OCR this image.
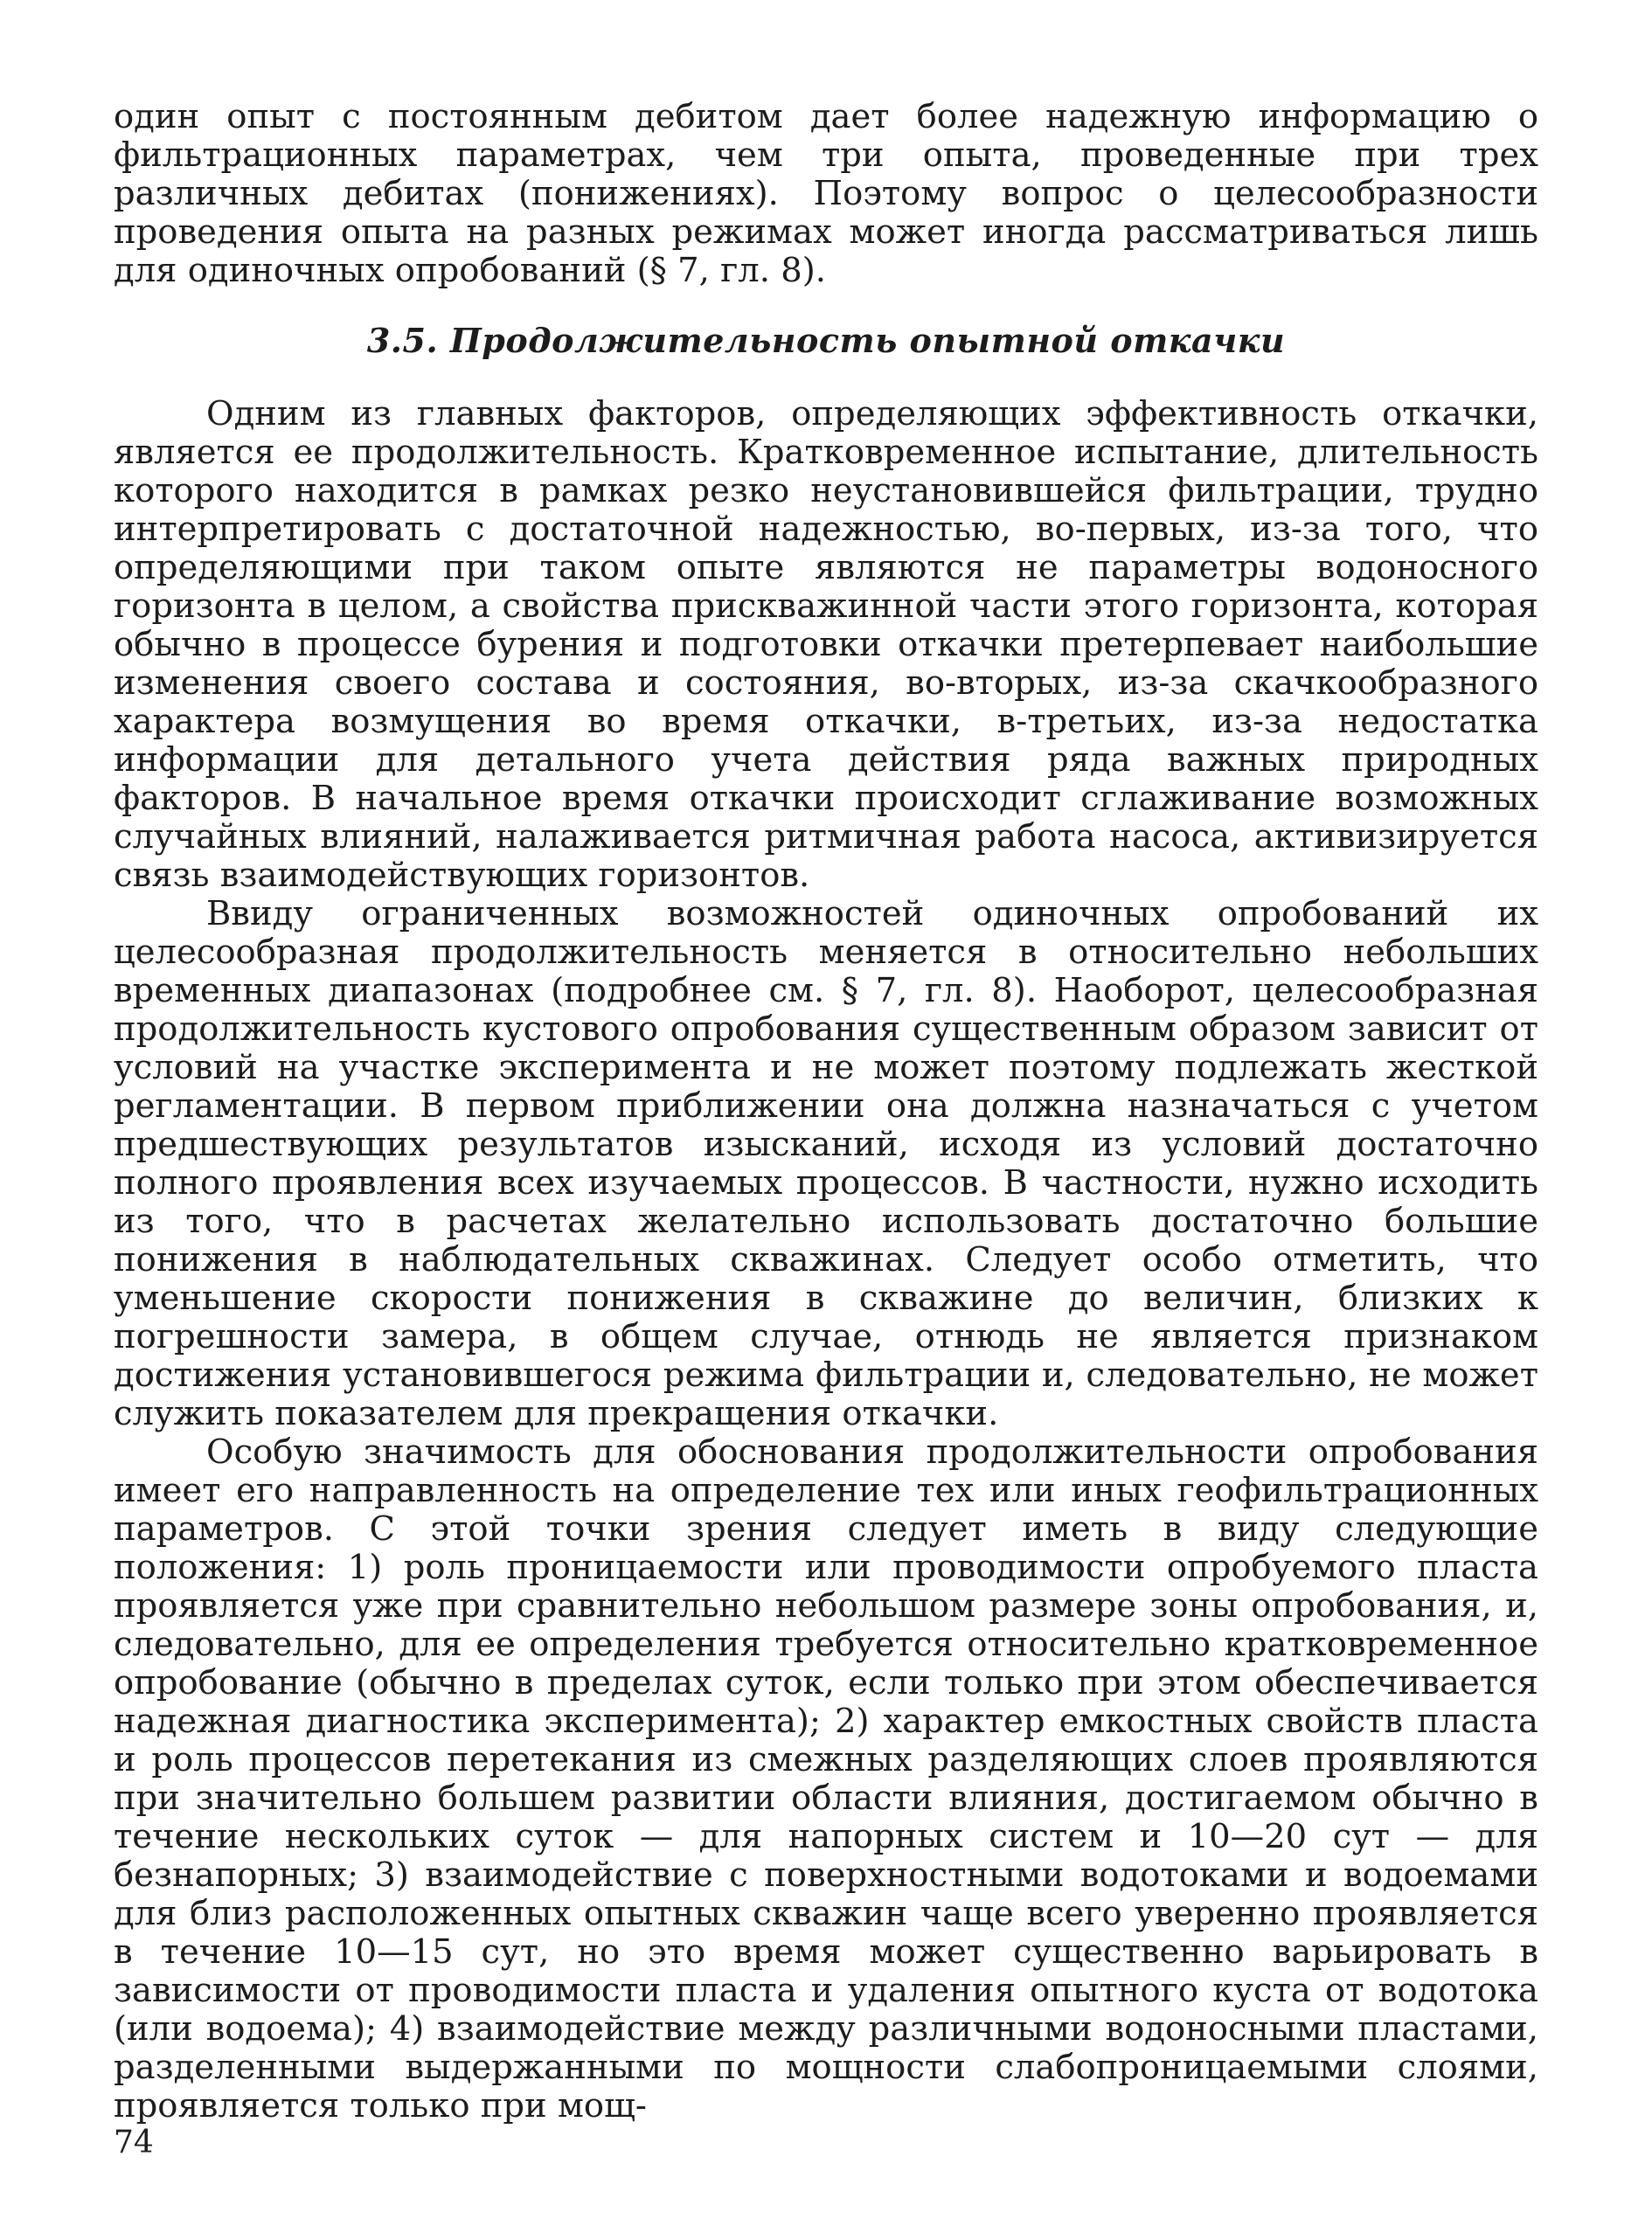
один опыт с постоянным дебитом дает более надежную информацию о фильтрационных параметрах, чем три опыта, проведенные при трех различных дебитах (понижениях). Поэтому вопрос о целесообразности проведения опыта на разных режимах может иногда рассматриваться лишь для одиночных опробований (§ 7, гл. 8).

3.5. Продолжительность опытной откачки

Одним из главных факторов, определяющих эффективность откачки, является ее продолжительность. Кратковременное испытание, длительность которого находится в рамках резко неустановившейся фильтрации, трудно интерпретировать с достаточной надежностью, во-первых, из-за того, что определяющими при таком опыте являются не параметры водоносного горизонта в целом, а свойства прискважинной части этого горизонта, которая обычно в процессе бурения и подготовки откачки претерпевает наибольшие изменения своего состава и состояния, во-вторых, из-за скачкообразного характера возмущения во время откачки, в-третьих, из-за недостатка информации для детального учета действия ряда важных природных факторов. В начальное время откачки происходит сглаживание возможных случайных влияний, налаживается ритмичная работа насоса, активизируется связь взаимодействующих горизонтов.

Ввиду ограниченных возможностей одиночных опробований их целесообразная продолжительность меняется в относительно небольших временных диапазонах (подробнее см. § 7, гл. 8). Наоборот, целесообразная продолжительность кустового опробования существенным образом зависит от условий на участке эксперимента и не может поэтому подлежать жесткой регламентации. В первом приближении она должна назначаться с учетом предшествующих результатов изысканий, исходя из условий достаточно полного проявления всех изучаемых процессов. В частности, нужно исходить из того, что в расчетах желательно использовать достаточно большие понижения в наблюдательных скважинах. Следует особо отметить, что уменьшение скорости понижения в скважине до величин, близких к погрешности замера, в общем случае, отнюдь не является признаком достижения установившегося режима фильтрации и, следовательно, не может служить показателем для прекращения откачки.

Особую значимость для обоснования продолжительности опробования имеет его направленность на определение тех или иных геофильтрационных параметров. С этой точки зрения следует иметь в виду следующие положения: 1) роль проницаемости или проводимости опробуемого пласта проявляется уже при сравнительно небольшом размере зоны опробования, и, следовательно, для ее определения требуется относительно кратковременное опробование (обычно в пределах суток, если только при этом обеспечивается надежная диагностика эксперимента); 2) характер емкостных свойств пласта и роль процессов перетекания из смежных разделяющих слоев проявляются при значительно большем развитии области влияния, достигаемом обычно в течение нескольких суток — для напорных систем и 10—20 сут — для безнапорных; 3) взаимодействие с поверхностными водотоками и водоемами для близ расположенных опытных скважин чаще всего уверенно проявляется в течение 10—15 сут, но это время может существенно варьировать в зависимости от проводимости пласта и удаления опытного куста от водотока (или водоема); 4) взаимодействие между различными водоносными пластами, разделенными выдержанными по мощности слабопроницаемыми слоями, проявляется только при мощ-

74
